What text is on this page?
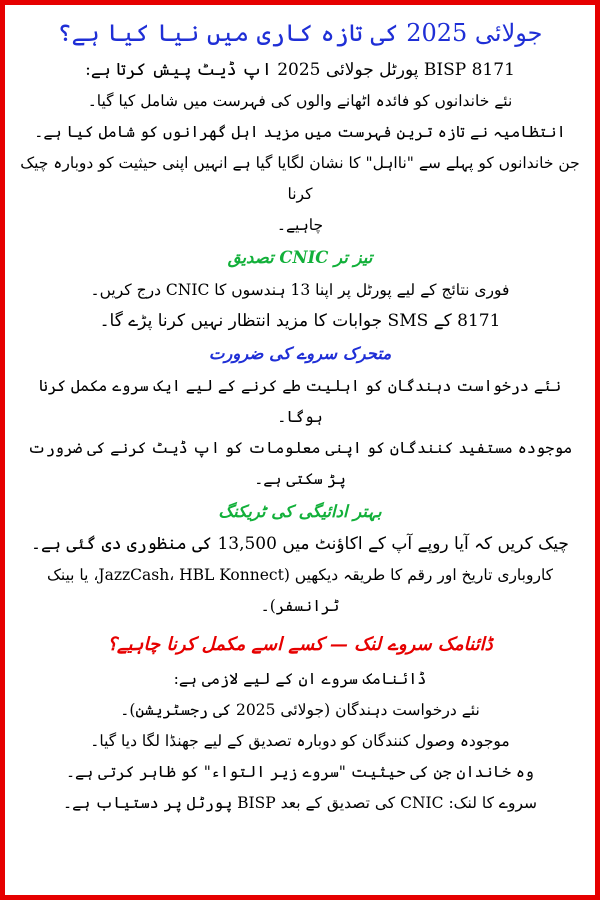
جولائی 2025 کی تازہ کاری میں نیا کیا ہے؟

BISP 8171 پورٹل جولائی 2025 اپ ڈیٹ پیش کرتا ہے:

نئے خاندانوں کو فائدہ اٹھانے والوں کی فہرست میں شامل کیا گیا۔

انتظامیہ نے تازہ ترین فہرست میں مزید اہل گھرانوں کو شامل کیا ہے۔

جن خاندانوں کو پہلے سے "نااہل" کا نشان لگایا گیا ہے انہیں اپنی حیثیت کو دوبارہ چیک کرنا

چاہیے۔

تیز تر CNIC تصدیق

فوری نتائج کے لیے پورٹل پر اپنا 13 ہندسوں کا CNIC درج کریں۔

8171 کے SMS جوابات کا مزید انتظار نہیں کرنا پڑے گا۔

متحرک سروے کی ضرورت

نئے درخواست دہندگان کو اہلیت طے کرنے کے لیے ایک سروے مکمل کرنا ہوگا۔

موجودہ مستفید کنندگان کو اپنی معلومات کو اپ ڈیٹ کرنے کی ضرورت پڑ سکتی ہے۔

بہتر ادائیگی کی ٹریکنگ

چیک کریں کہ آیا روپے آپ کے اکاؤنٹ میں 13,500 کی منظوری دی گئی ہے۔

کاروباری تاریخ اور رقم کا طریقہ دیکھیں (JazzCash، HBL Konnect، یا بینک

ٹرانسفر)۔

ڈائنامک سروے لنک — کسے اسے مکمل کرنا چاہیے؟

ڈائنامک سروے ان کے لیے لازمی ہے:

نئے درخواست دہندگان (جولائی 2025 کی رجسٹریشن)۔

موجودہ وصول کنندگان کو دوبارہ تصدیق کے لیے جھنڈا لگا دیا گیا۔

وہ خاندان جن کی حیثیت "سروے زیر التواء" کو ظاہر کرتی ہے۔

سروے کا لنک: CNIC کی تصدیق کے بعد BISP پورٹل پر دستیاب ہے۔
